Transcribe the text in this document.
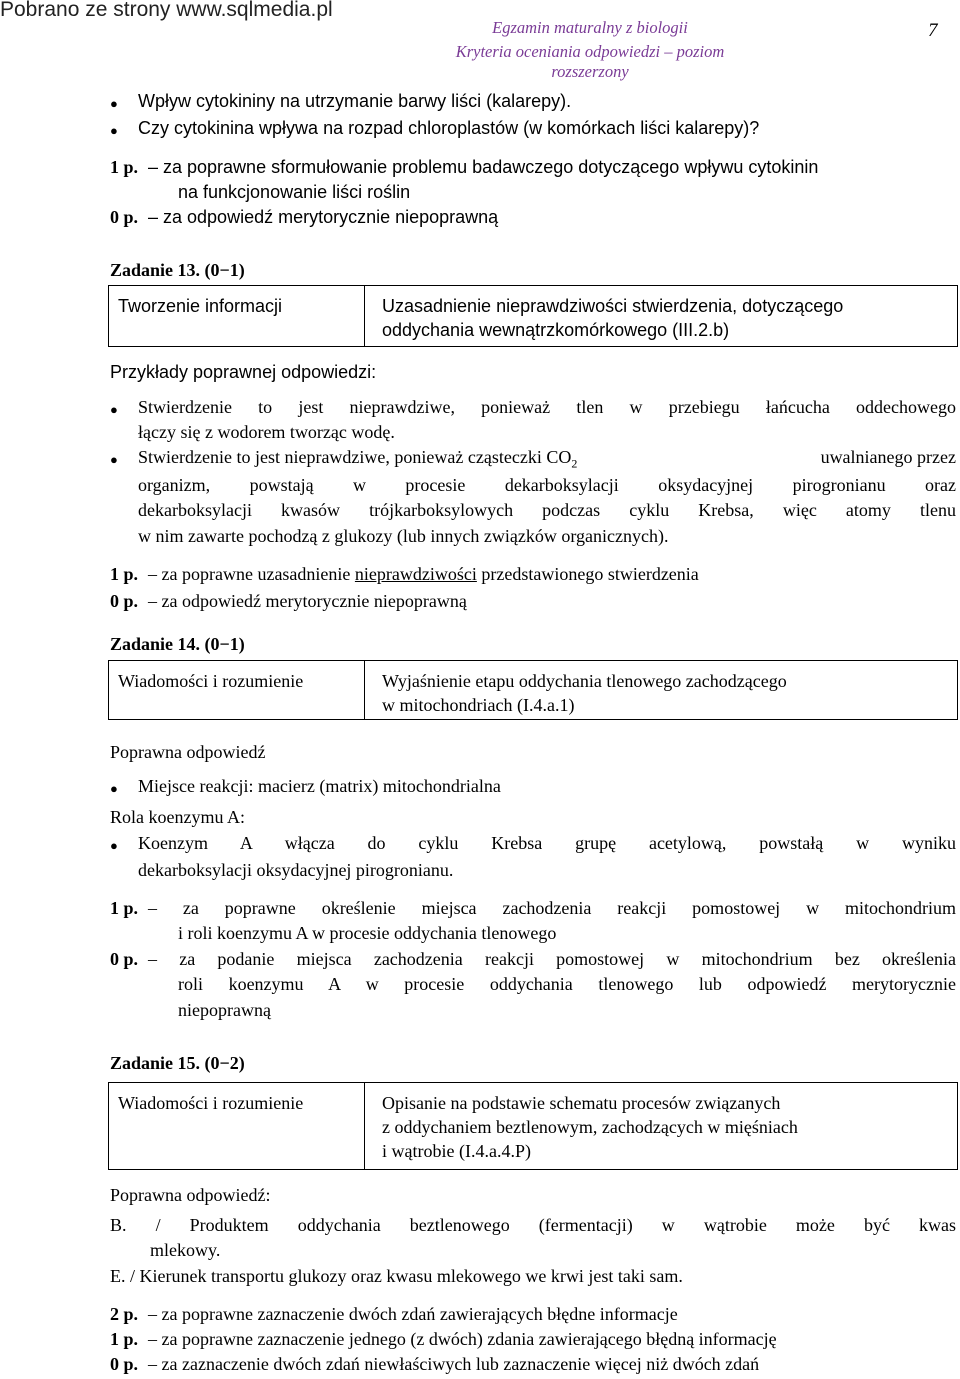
Pobrano ze strony www.sqlmedia.pl
Egzamin maturalny z biologii
Kryteria oceniania odpowiedzi – poziom rozszerzony
7
● Wpływ cytokininy na utrzymanie barwy liści (kalarepy).
● Czy cytokinina wpływa na rozpad chloroplastów (w komórkach liści kalarepy)?
1 p. – za poprawne sformułowanie problemu badawczego dotyczącego wpływu cytokinin
na funkcjonowanie liści roślin
0 p. – za odpowiedź merytorycznie niepoprawną
Zadanie 13. (0−1)
Tworzenie informacji	Uzasadnienie nieprawdziwości stwierdzenia, dotyczącego
oddychania wewnątrzkomórkowego (III.2.b)
Przykłady poprawnej odpowiedzi:
● Stwierdzenie to jest nieprawdziwe, ponieważ tlen w przebiegu łańcucha oddechowego
łączy się z wodorem tworząc wodę.
● Stwierdzenie to jest nieprawdziwe, ponieważ cząsteczki $CO_2$	uwalnianego przez
organizm, powstają w procesie dekarboksylacji oksydacyjnej pirogronianu oraz
dekarboksylacji kwasów trójkarboksylowych podczas cyklu Krebsa, więc atomy tlenu
w nim zawarte pochodzą z glukozy (lub innych związków organicznych).
1 p. – za poprawne uzasadnienie nieprawdziwości przedstawionego stwierdzenia
0 p. – za odpowiedź merytorycznie niepoprawną
Zadanie 14. (0−1)
Wiadomości i rozumienie	Wyjaśnienie etapu oddychania tlenowego zachodzącego
w mitochondriach (I.4.a.1)
Poprawna odpowiedź
● Miejsce reakcji: macierz (matrix) mitochondrialna
Rola koenzymu A:
● Koenzym A włącza do cyklu Krebsa grupę acetylową, powstałą w wyniku
dekarboksylacji oksydacyjnej pirogronianu.
1 p. – za poprawne określenie miejsca zachodzenia reakcji pomostowej w mitochondrium
i roli koenzymu A w procesie oddychania tlenowego
0 p. – za podanie miejsca zachodzenia reakcji pomostowej w mitochondrium bez określenia
roli koenzymu A w procesie oddychania tlenowego lub odpowiedź merytorycznie
niepoprawną
Zadanie 15. (0−2)
Wiadomości i rozumienie	Opisanie na podstawie schematu procesów związanych
z oddychaniem beztlenowym, zachodzących w mięśniach
i wątrobie (I.4.a.4.P)
Poprawna odpowiedź:
B. / Produktem oddychania beztlenowego (fermentacji) w wątrobie może być kwas
mlekowy.
E. / Kierunek transportu glukozy oraz kwasu mlekowego we krwi jest taki sam.
2 p. – za poprawne zaznaczenie dwóch zdań zawierających błędne informacje
1 p. – za poprawne zaznaczenie jednego (z dwóch) zdania zawierającego błędną informację
0 p. – za zaznaczenie dwóch zdań niewłaściwych lub zaznaczenie więcej niż dwóch zdań
